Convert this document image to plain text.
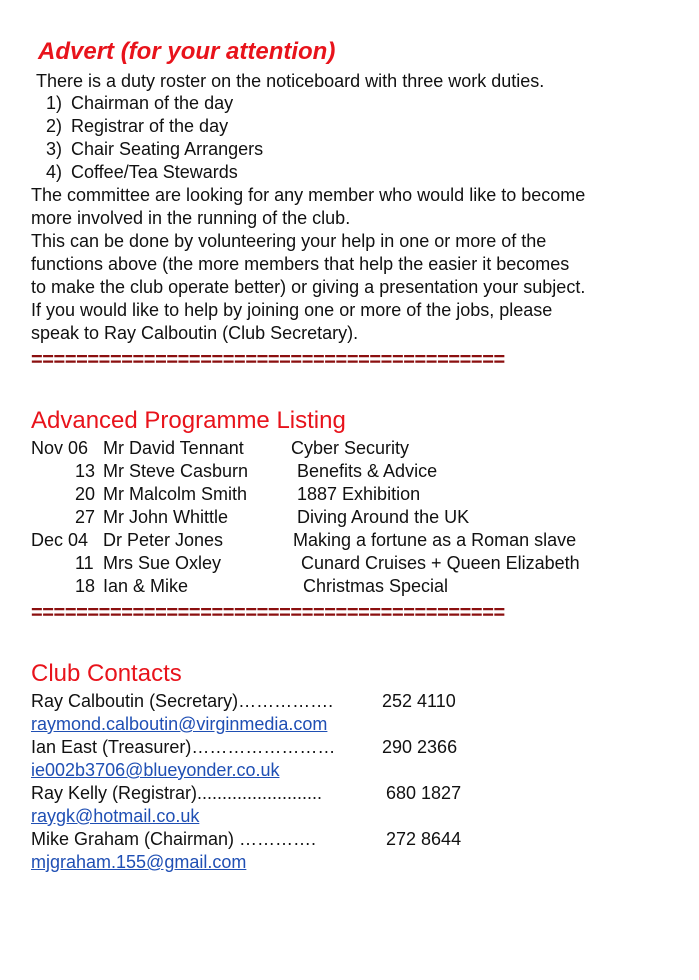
Advert (for your attention)
There is a duty roster on the noticeboard with three work duties.
1) Chairman of the day
2) Registrar of the day
3) Chair Seating Arrangers
4) Coffee/Tea Stewards
The committee are looking for any member who would like to become
more involved in the running of the club.
This can be done by volunteering your help in one or more of the
functions above (the more members that help the easier it becomes
to make the club operate better) or giving a presentation your subject.
If you would like to help by joining one or more of the jobs, please
speak to Ray Calboutin (Club Secretary).
==========================================
Advanced Programme Listing
Nov 06 Mr David Tennant	Cyber Security
13 Mr Steve Casburn	Benefits & Advice
20 Mr Malcolm Smith	1887 Exhibition
27 Mr John Whittle	Diving Around the UK
Dec 04 Dr Peter Jones	Making a fortune as a Roman slave
11 Mrs Sue Oxley	Cunard Cruises + Queen Elizabeth
18 Ian & Mike	Christmas Special
==========================================
Club Contacts
Ray Calboutin (Secretary)…………….	252 4110
raymond.calboutin@virginmedia.com
Ian East (Treasurer)……………………	290 2366
ie002b3706@blueyonder.co.uk
Ray Kelly (Registrar).........................	680 1827
raygk@hotmail.co.uk
Mike Graham (Chairman) ………….	272 8644
mjgraham.155@gmail.com
